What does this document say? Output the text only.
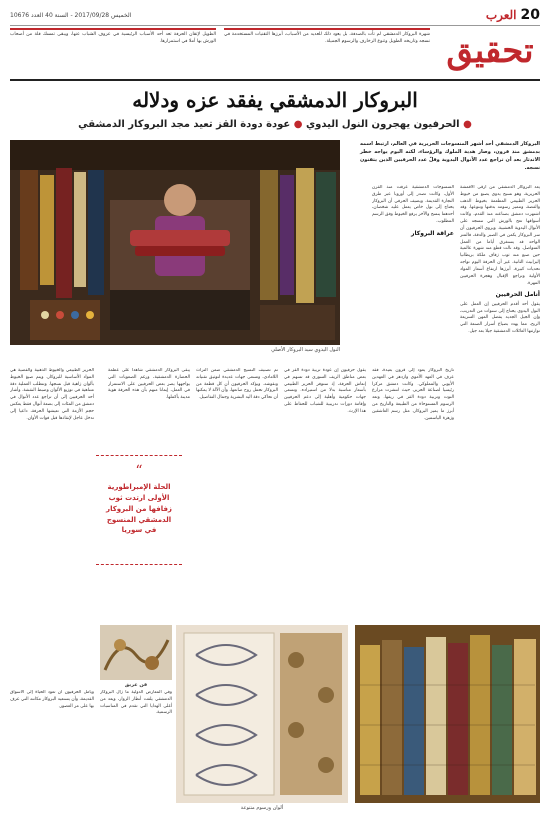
الخميس 2017/09/28 - السنة 40 العدد 10676	العرب 20
تحقيق
شهرة البروكار الدمشقي لم تأت بالصدفة، بل يعود ذلك للعديد من الأسباب، أبرزها التقنيات المستخدمة في نسجه وتاريخه الطويل وتنوع الزخارف والرسوم الجميلة.
الطويل لإتقان الحرفة تعد أحد الأسباب الرئيسية في عزوف الشباب عنها، ويبقى تمسك قلة من أصحاب الورش بها أملا في استمرارها.
البروكار الدمشقي يفقد عزه ودلاله
● الحرفيون يهجرون النول اليدوي ● عودة دودة القز تعيد مجد البروكار الدمشقي

البروكار الدمشقي أحد أشهر المنسوجات الحريرية في العالم، ارتبط اسمه بدمشق منذ قرون، وصار هدية الملوك والرؤساء، لكنه اليوم يواجه خطر الاندثار بعد أن تراجع عدد الأنوال اليدوية وقلّ عدد الحرفيين الذين يتقنون نسجه.

النول اليدوي سيد البروكار الأصلي

يعد البروكار الدمشقي من أرقى الأقمشة الحريرية، وهو نسيج يدوي يصنع من خيوط الحرير الطبيعي المطعمة بخيوط الذهب والفضة، وتتميز رسومه بدقتها وتنوعها. وقد اشتهرت دمشق بصناعته منذ القدم، وكانت أسواقها تعج بالورش التي تنسجه على الأنوال اليدوية الخشبية. ويروي الحرفيون أن سر البروكار يكمن في الصبر والدقة، فالمتر الواحد قد يستغرق أياما من العمل المتواصل. وقد نالت قطع منه شهرة عالمية حين صنع منه ثوب زفاف ملكة بريطانيا إليزابيث الثانية. غير أن الحرفة اليوم تواجه تحديات كبيرة، أبرزها ارتفاع أسعار المواد الأولية وتراجع الإقبال وهجرة الحرفيين المهرة.

أنامل الحرفيين

يقول أحد أقدم الحرفيين إن العمل على النول اليدوي يحتاج إلى سنوات من التدريب، وإن الجيل الجديد يفضل المهن السريعة الربح، مما يهدد بضياع أسرار الصنعة التي توارثتها العائلات الدمشقية جيلا بعد جيل.

المنسوجات الدمشقية عرفت منذ القرن الأول، وكانت تصدر إلى أوروبا عبر طرق التجارة القديمة. ويضيف الحرفي أن البروكار يحتاج إلى نول خاص يعمل عليه شخصان، أحدهما ينسج والآخر يرفع الخيوط وفق الرسم المطلوب.

عراقة البروكار

تاريخ البروكار يعود إلى قرون بعيدة، فقد عرف في العهد الأموي وازدهر في العهدين الأيوبي والمملوكي. وكانت دمشق مركزا رئيسيا لصناعة الحرير، حيث انتشرت مزارع التوت وتربية دودة القز في ريفها. وتعد الرسوم المستوحاة من الطبيعة والتاريخ من أبرز ما يميز البروكار، مثل رسم العاشقين وزهرة الياسمين.

يقول حرفيون إن عودة تربية دودة القز في بعض مناطق الريف السوري قد تسهم في إنعاش الحرفة، إذ ستوفر الحرير الطبيعي بأسعار مناسبة بدلا من استيراده. وتسعى جهات حكومية وأهلية إلى دعم الحرفيين وإقامة دورات تدريبية للشباب للحفاظ على هذا الإرث.

تم تصنيف النسيج الدمشقي ضمن التراث اللامادي، وتسعى جهات عديدة لتوثيق تقنياته ونقوشه. ويؤكد الحرفيون أن كل قطعة من البروكار تحمل روح صانعها، وأن الآلة لا يمكنها أن تحاكي دقة اليد البشرية وجمال التفاصيل.

يبقى البروكار الدمشقي شاهدا على عظمة الحضارة الدمشقية، ورغم الصعوبات التي يواجهها يصر بعض الحرفيين على الاستمرار في العمل، إيمانا منهم بأن هذه الحرفة هوية مدينة بأكملها.

الحرير الطبيعي والخيوط الذهبية والفضية هي المواد الأساسية للبروكار، ويتم صبغ الخيوط بألوان زاهية قبل نسجها. وتتطلب العملية دقة متناهية في توزيع الألوان وضبط النقشة. وأشار أحد الحرفيين إلى أن تراجع عدد الأنوال في دمشق من المئات إلى بضعة أنوال فقط يعكس حجم الأزمة التي تعيشها الحرفة، داعيا إلى تدخل عاجل لإنقاذها قبل فوات الأوان.

“
الحلة الإمبراطورية الأولى ارتدت ثوب زفافها من البروكار الدمشقي المنسوج في سوريا
فن عريق

وفي المعارض الدولية ما زال البروكار الدمشقي يلفت أنظار الزوار، ويعد من أغلى الهدايا التي تقدم في المناسبات الرسمية.

ويأمل الحرفيون أن تعود الحياة إلى الأسواق القديمة، وأن يستعيد البروكار مكانته التي عرف بها على مر العصور.

ألوان ورسوم متنوعة
